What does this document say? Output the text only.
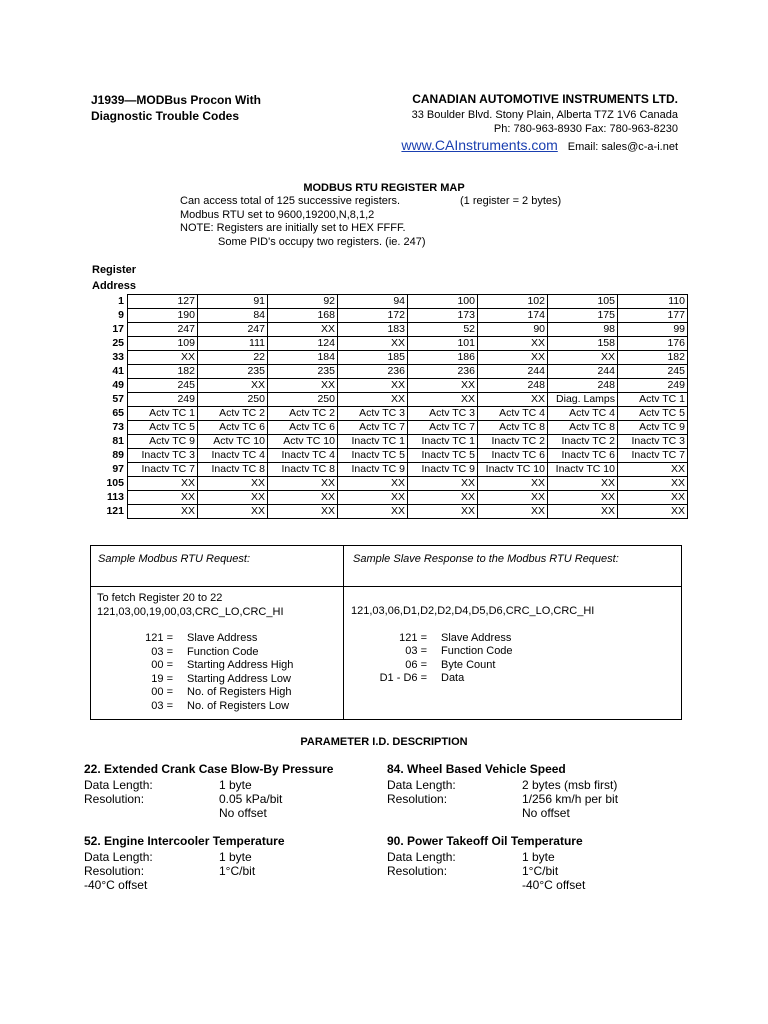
J1939—MODBus Procon With
Diagnostic Trouble Codes
CANADIAN AUTOMOTIVE INSTRUMENTS LTD.
33 Boulder Blvd. Stony Plain, Alberta T7Z 1V6 Canada
Ph: 780-963-8930 Fax: 780-963-8230
www.CAInstruments.com Email: sales@c-a-i.net
MODBUS RTU REGISTER MAP
Can access total of 125 successive registers.	(1 register = 2 bytes)
Modbus RTU set to 9600,19200,N,8,1,2
NOTE: Registers are initially set to HEX FFFF.
Some PID's occupy two registers. (ie. 247)
Register
Address
1	127	91	92	94	100	102	105	110
9	190	84	168	172	173	174	175	177
17	247	247	XX	183	52	90	98	99
25	109	111	124	XX	101	XX	158	176
33	XX	22	184	185	186	XX	XX	182
41	182	235	235	236	236	244	244	245
49	245	XX	XX	XX	XX	248	248	249
57	249	250	250	XX	XX	XX	Diag. Lamps	Actv TC 1
65	Actv TC 1	Actv TC 2	Actv TC 2	Actv TC 3	Actv TC 3	Actv TC 4	Actv TC 4	Actv TC 5
73	Actv TC 5	Actv TC 6	Actv TC 6	Actv TC 7	Actv TC 7	Actv TC 8	Actv TC 8	Actv TC 9
81	Actv TC 9	Actv TC 10	Actv TC 10	Inactv TC 1	Inactv TC 1	Inactv TC 2	Inactv TC 2	Inactv TC 3
89	Inactv TC 3	Inactv TC 4	Inactv TC 4	Inactv TC 5	Inactv TC 5	Inactv TC 6	Inactv TC 6	Inactv TC 7
97	Inactv TC 7	Inactv TC 8	Inactv TC 8	Inactv TC 9	Inactv TC 9	Inactv TC 10	Inactv TC 10	XX
105	XX	XX	XX	XX	XX	XX	XX	XX
113	XX	XX	XX	XX	XX	XX	XX	XX
121	XX	XX	XX	XX	XX	XX	XX	XX
Sample Modbus RTU Request:	Sample Slave Response to the Modbus RTU Request:
To fetch Register 20 to 22
121,03,00,19,00,03,CRC_LO,CRC_HI
121 = Slave Address
03 = Function Code
00 = Starting Address High
19 = Starting Address Low
00 = No. of Registers High
03 = No. of Registers Low
121,03,06,D1,D2,D2,D4,D5,D6,CRC_LO,CRC_HI
121 = Slave Address
03 = Function Code
06 = Byte Count
D1 - D6 = Data
PARAMETER I.D. DESCRIPTION
22. Extended Crank Case Blow-By Pressure
Data Length:	1 byte
Resolution:	0.05 kPa/bit
No offset
52. Engine Intercooler Temperature
Data Length:	1 byte
Resolution:	1°C/bit
-40°C offset
84. Wheel Based Vehicle Speed
Data Length:	2 bytes (msb first)
Resolution:	1/256 km/h per bit
No offset
90. Power Takeoff Oil Temperature
Data Length:	1 byte
Resolution:	1°C/bit
-40°C offset
